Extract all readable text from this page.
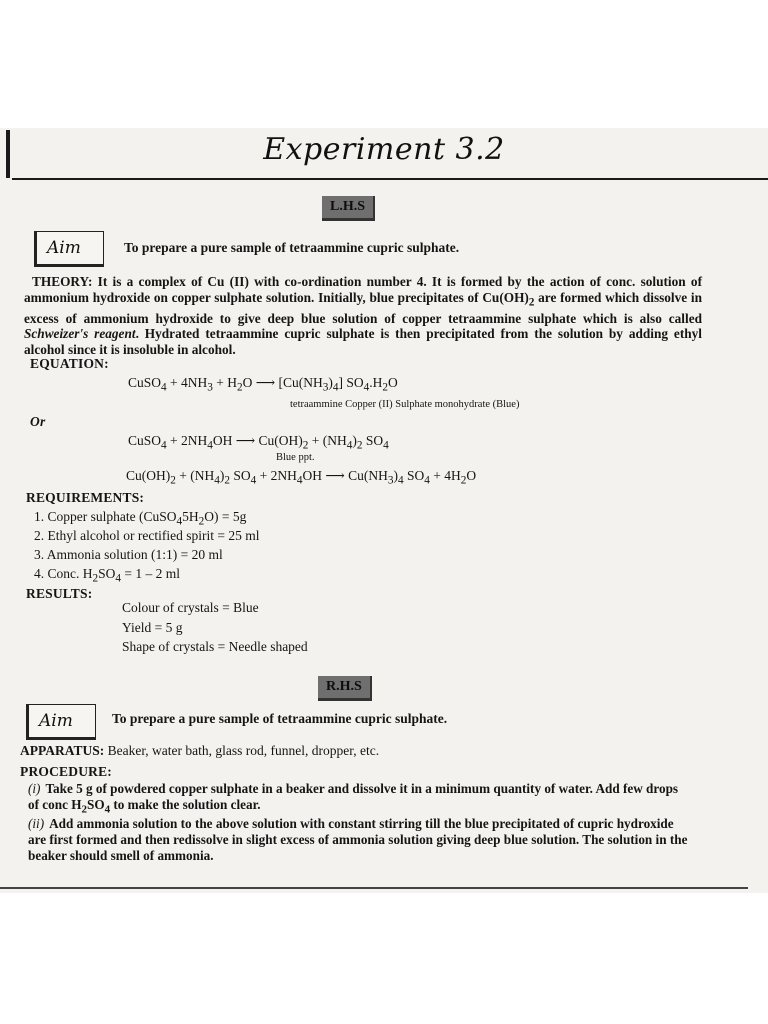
Experiment 3.2
L.H.S
Aim	To prepare a pure sample of tetraammine cupric sulphate.
THEORY: It is a complex of Cu (II) with co-ordination number 4. It is formed by the action of conc. solution of ammonium hydroxide on copper sulphate solution. Initially, blue precipitates of $Cu(OH)_2$ are formed which dissolve in excess of ammonium hydroxide to give deep blue solution of copper tetraammine sulphate which is also called Schweizer's reagent. Hydrated tetraammine cupric sulphate is then precipitated from the solution by adding ethyl alcohol since it is insoluble in alcohol.
EQUATION:
CuSO$_4$ + $4NH_3 + H_2O$ ⟶ $[Cu(NH_3)_4]$ $SO_4.H_2O$
tetraammine Copper (II) Sulphate monohydrate (Blue)
Or
CuSO$_4$ + $2NH_4OH$ ⟶ $Cu(OH)_2 + (NH_4)_2$ $SO_4$
Blue ppt.
$Cu(OH)_2 + (NH_4)_2$ $SO_4 + 2NH_4OH$ ⟶ $Cu(NH_3)_4$ $SO_4 + 4H_2O$
REQUIREMENTS:
1. Copper sulphate $(CuSO_45H_2O) = 5g$
2. Ethyl alcohol or rectified spirit = 25 ml
3. Ammonia solution (1:1) = 20 ml
4. Conc. $H_2SO_4 = 1 - 2$ ml
RESULTS:
Colour of crystals = Blue
Yield = 5 g
Shape of crystals = Needle shaped
R.H.S
Aim	To prepare a pure sample of tetraammine cupric sulphate.
APPARATUS: Beaker, water bath, glass rod, funnel, dropper, etc.
PROCEDURE:
(i) Take 5 g of powdered copper sulphate in a beaker and dissolve it in a minimum quantity of water. Add few drops of conc $H_2SO_4$ to make the solution clear.
(ii) Add ammonia solution to the above solution with constant stirring till the blue precipitated of cupric hydroxide are first formed and then redissolve in slight excess of ammonia solution giving deep blue solution. The solution in the beaker should smell of ammonia.
